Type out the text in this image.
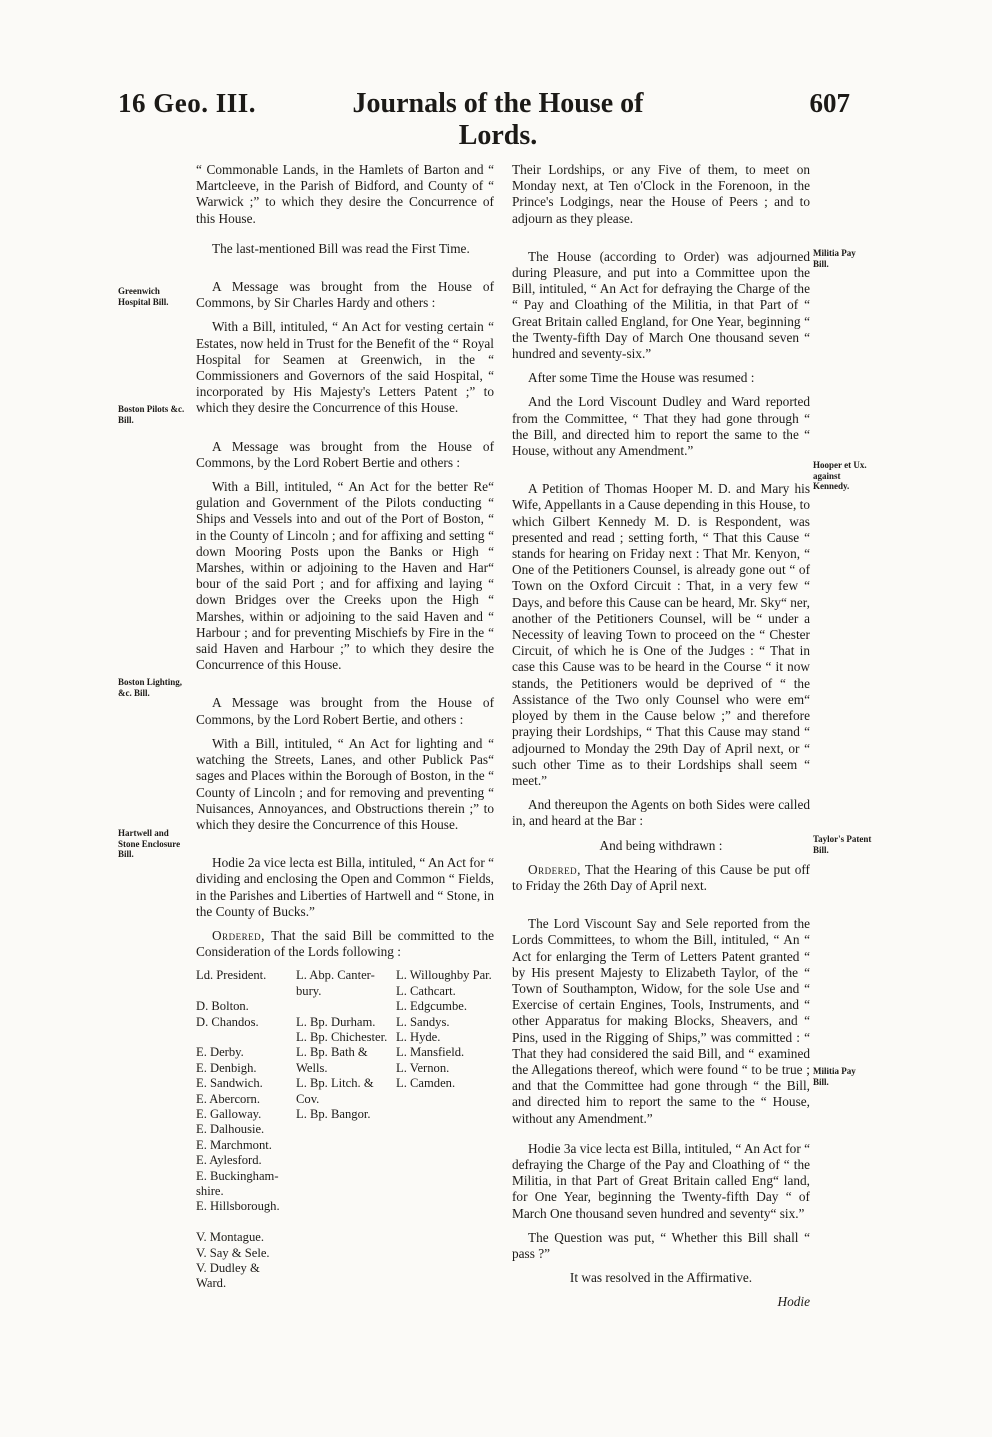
16 Geo. III.	Journals of the House of Lords.
607
Greenwich Hospital Bill.
Boston Pilots &c. Bill.
Boston Lighting, &c. Bill.
Hartwell and Stone Enclosure Bill.
Militia Pay Bill.
Hooper et Ux. against Kennedy.
Taylor's Patent Bill.
Militia Pay Bill.

“ Commonable Lands, in the Hamlets of Barton and “ Martcleeve, in the Parish of Bidford, and County of “ Warwick ;” to which they desire the Concurrence of this House.

The last-mentioned Bill was read the First Time.

A Message was brought from the House of Commons, by Sir Charles Hardy and others :

With a Bill, intituled, “ An Act for vesting certain “ Estates, now held in Trust for the Benefit of the “ Royal Hospital for Seamen at Greenwich, in the “ Commissioners and Governors of the said Hospital, “ incorporated by His Majesty's Letters Patent ;” to which they desire the Concurrence of this House.

A Message was brought from the House of Commons, by the Lord Robert Bertie and others :

With a Bill, intituled, “ An Act for the better Re“ gulation and Government of the Pilots conducting “ Ships and Vessels into and out of the Port of Boston, “ in the County of Lincoln ; and for affixing and setting “ down Mooring Posts upon the Banks or High “ Marshes, within or adjoining to the Haven and Har“ bour of the said Port ; and for affixing and laying “ down Bridges over the Creeks upon the High “ Marshes, within or adjoining to the said Haven and “ Harbour ; and for preventing Mischiefs by Fire in the “ said Haven and Harbour ;” to which they desire the Concurrence of this House.

A Message was brought from the House of Commons, by the Lord Robert Bertie, and others :

With a Bill, intituled, “ An Act for lighting and “ watching the Streets, Lanes, and other Publick Pas“ sages and Places within the Borough of Boston, in the “ County of Lincoln ; and for removing and preventing “ Nuisances, Annoyances, and Obstructions therein ;” to which they desire the Concurrence of this House.

Hodie 2a vice lecta est Billa, intituled, “ An Act for “ dividing and enclosing the Open and Common “ Fields, in the Parishes and Liberties of Hartwell and “ Stone, in the County of Bucks.”

Ordered, That the said Bill be committed to the Consideration of the Lords following :

Ld. President.

D. Bolton.
D. Chandos.

E. Derby.
E. Denbigh.
E. Sandwich.
E. Abercorn.
E. Galloway.
E. Dalhousie.
E. Marchmont.
E. Aylesford.
E. Buckingham-
shire.
E. Hillsborough.

V. Montague.
V. Say & Sele.
V. Dudley &
Ward.
L. Abp. Canter-
bury.

L. Bp. Durham.
L. Bp. Chichester.
L. Bp. Bath &
Wells.
L. Bp. Litch. &
Cov.
L. Bp. Bangor.
L. Willoughby Par.
L. Cathcart.
L. Edgcumbe.
L. Sandys.
L. Hyde.
L. Mansfield.
L. Vernon.
L. Camden.

Their Lordships, or any Five of them, to meet on Monday next, at Ten o'Clock in the Forenoon, in the Prince's Lodgings, near the House of Peers ; and to adjourn as they please.

The House (according to Order) was adjourned during Pleasure, and put into a Committee upon the Bill, intituled, “ An Act for defraying the Charge of the “ Pay and Cloathing of the Militia, in that Part of “ Great Britain called England, for One Year, beginning “ the Twenty-fifth Day of March One thousand seven “ hundred and seventy-six.”

After some Time the House was resumed :

And the Lord Viscount Dudley and Ward reported from the Committee, “ That they had gone through “ the Bill, and directed him to report the same to the “ House, without any Amendment.”

A Petition of Thomas Hooper M. D. and Mary his Wife, Appellants in a Cause depending in this House, to which Gilbert Kennedy M. D. is Respondent, was presented and read ; setting forth, “ That this Cause “ stands for hearing on Friday next : That Mr. Kenyon, “ One of the Petitioners Counsel, is already gone out “ of Town on the Oxford Circuit : That, in a very few “ Days, and before this Cause can be heard, Mr. Sky“ ner, another of the Petitioners Counsel, will be “ under a Necessity of leaving Town to proceed on the “ Chester Circuit, of which he is One of the Judges : “ That in case this Cause was to be heard in the Course “ it now stands, the Petitioners would be deprived of “ the Assistance of the Two only Counsel who were em“ ployed by them in the Cause below ;” and therefore praying their Lordships, “ That this Cause may stand “ adjourned to Monday the 29th Day of April next, or “ such other Time as to their Lordships shall seem “ meet.”

And thereupon the Agents on both Sides were called in, and heard at the Bar :

And being withdrawn :

Ordered, That the Hearing of this Cause be put off to Friday the 26th Day of April next.

The Lord Viscount Say and Sele reported from the Lords Committees, to whom the Bill, intituled, “ An “ Act for enlarging the Term of Letters Patent granted “ by His present Majesty to Elizabeth Taylor, of the “ Town of Southampton, Widow, for the sole Use and “ Exercise of certain Engines, Tools, Instruments, and “ other Apparatus for making Blocks, Sheavers, and “ Pins, used in the Rigging of Ships,” was committed : “ That they had considered the said Bill, and “ examined the Allegations thereof, which were found “ to be true ; and that the Committee had gone through “ the Bill, and directed him to report the same to the “ House, without any Amendment.”

Hodie 3a vice lecta est Billa, intituled, “ An Act for “ defraying the Charge of the Pay and Cloathing of “ the Militia, in that Part of Great Britain called Eng“ land, for One Year, beginning the Twenty-fifth Day “ of March One thousand seven hundred and seventy“ six.”

The Question was put, “ Whether this Bill shall “ pass ?”

It was resolved in the Affirmative.

Hodie
